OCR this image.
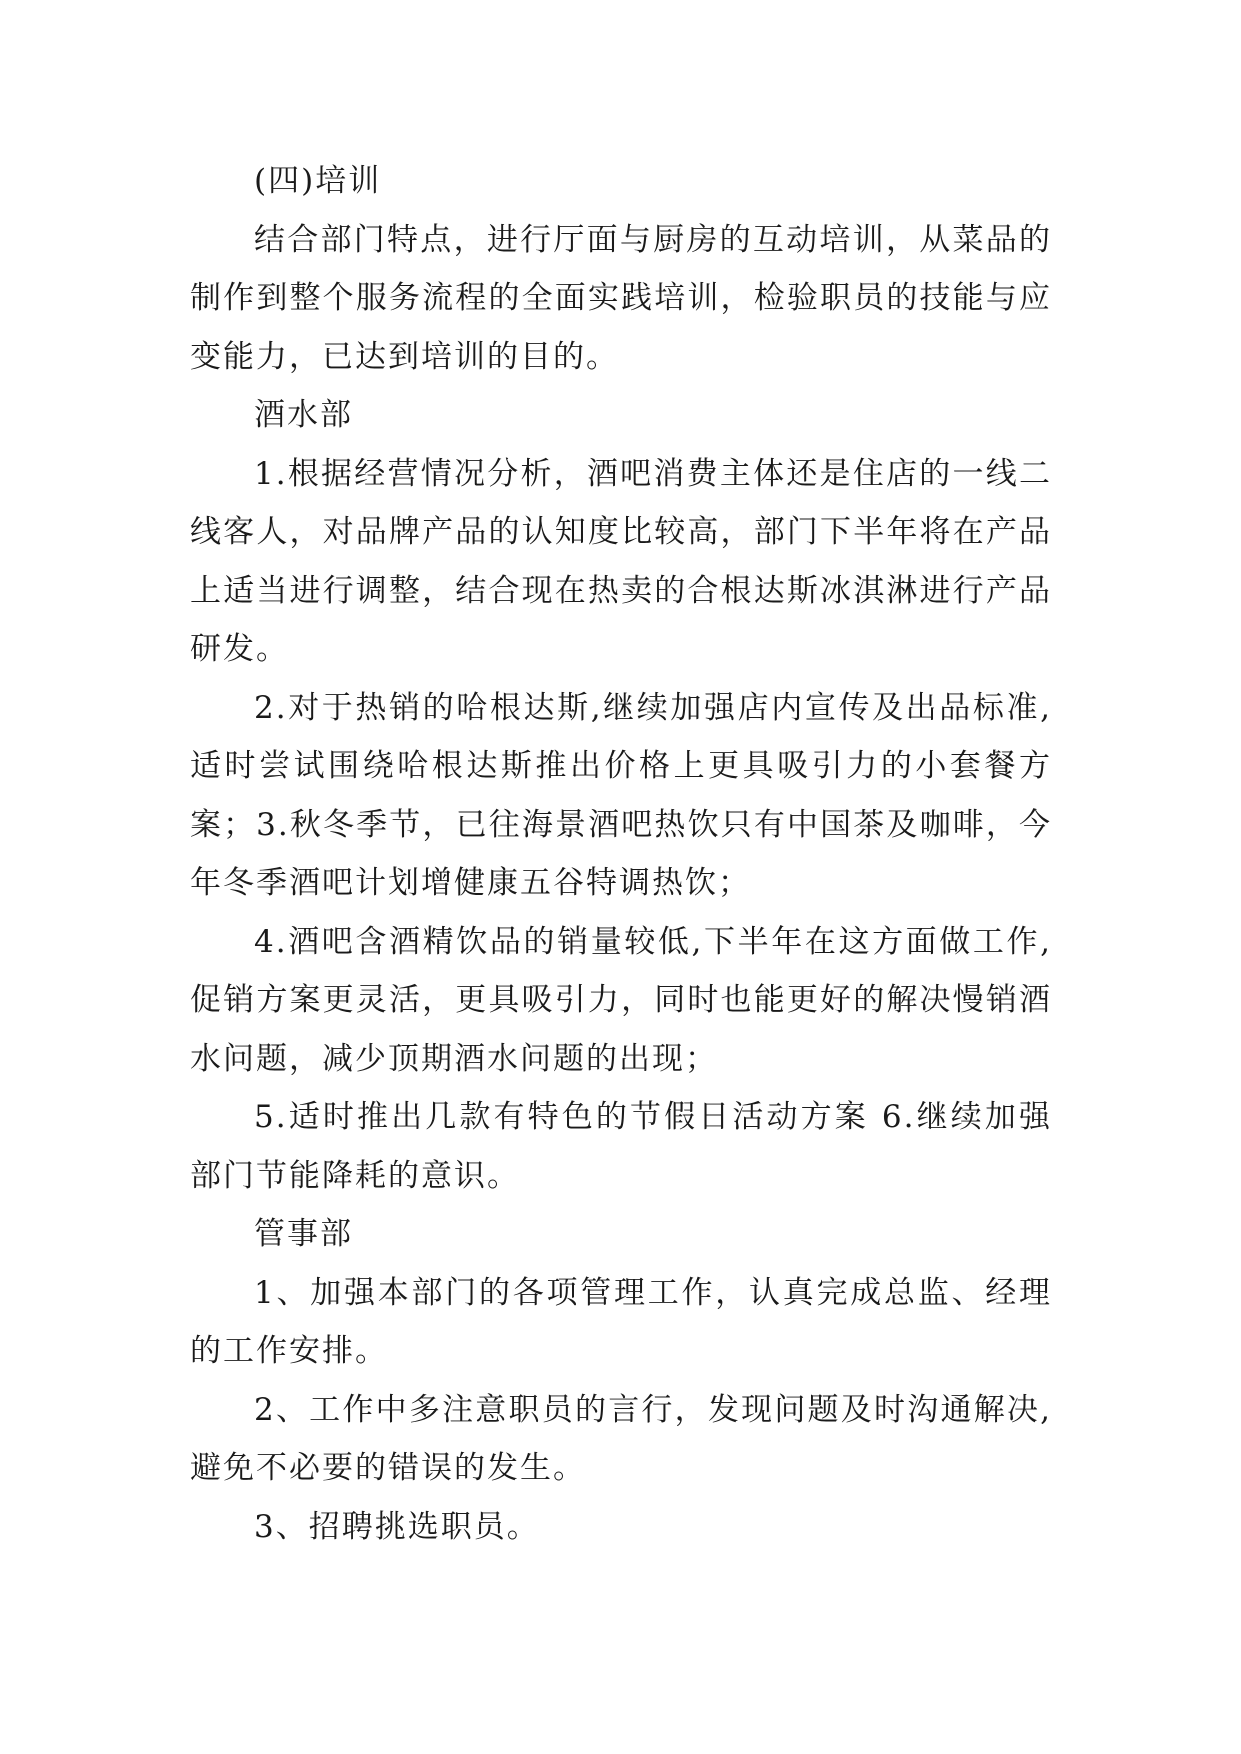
(四)培训

结合部门特点，进行厅面与厨房的互动培训，从菜品的制作到整个服务流程的全面实践培训，检验职员的技能与应变能力，已达到培训的目的。

酒水部

1.根据经营情况分析，酒吧消费主体还是住店的一线二线客人，对品牌产品的认知度比较高，部门下半年将在产品上适当进行调整，结合现在热卖的合根达斯冰淇淋进行产品研发。

2.对于热销的哈根达斯,继续加强店内宣传及出品标准,适时尝试围绕哈根达斯推出价格上更具吸引力的小套餐方案；3.秋冬季节，已往海景酒吧热饮只有中国茶及咖啡，今年冬季酒吧计划增健康五谷特调热饮；

4.酒吧含酒精饮品的销量较低,下半年在这方面做工作,促销方案更灵活，更具吸引力，同时也能更好的解决慢销酒水问题，减少顶期酒水问题的出现；

5.适时推出几款有特色的节假日活动方案 6.继续加强部门节能降耗的意识。

管事部

1、加强本部门的各项管理工作，认真完成总监、经理的工作安排。

2、工作中多注意职员的言行，发现问题及时沟通解决,避免不必要的错误的发生。

3、招聘挑选职员。
